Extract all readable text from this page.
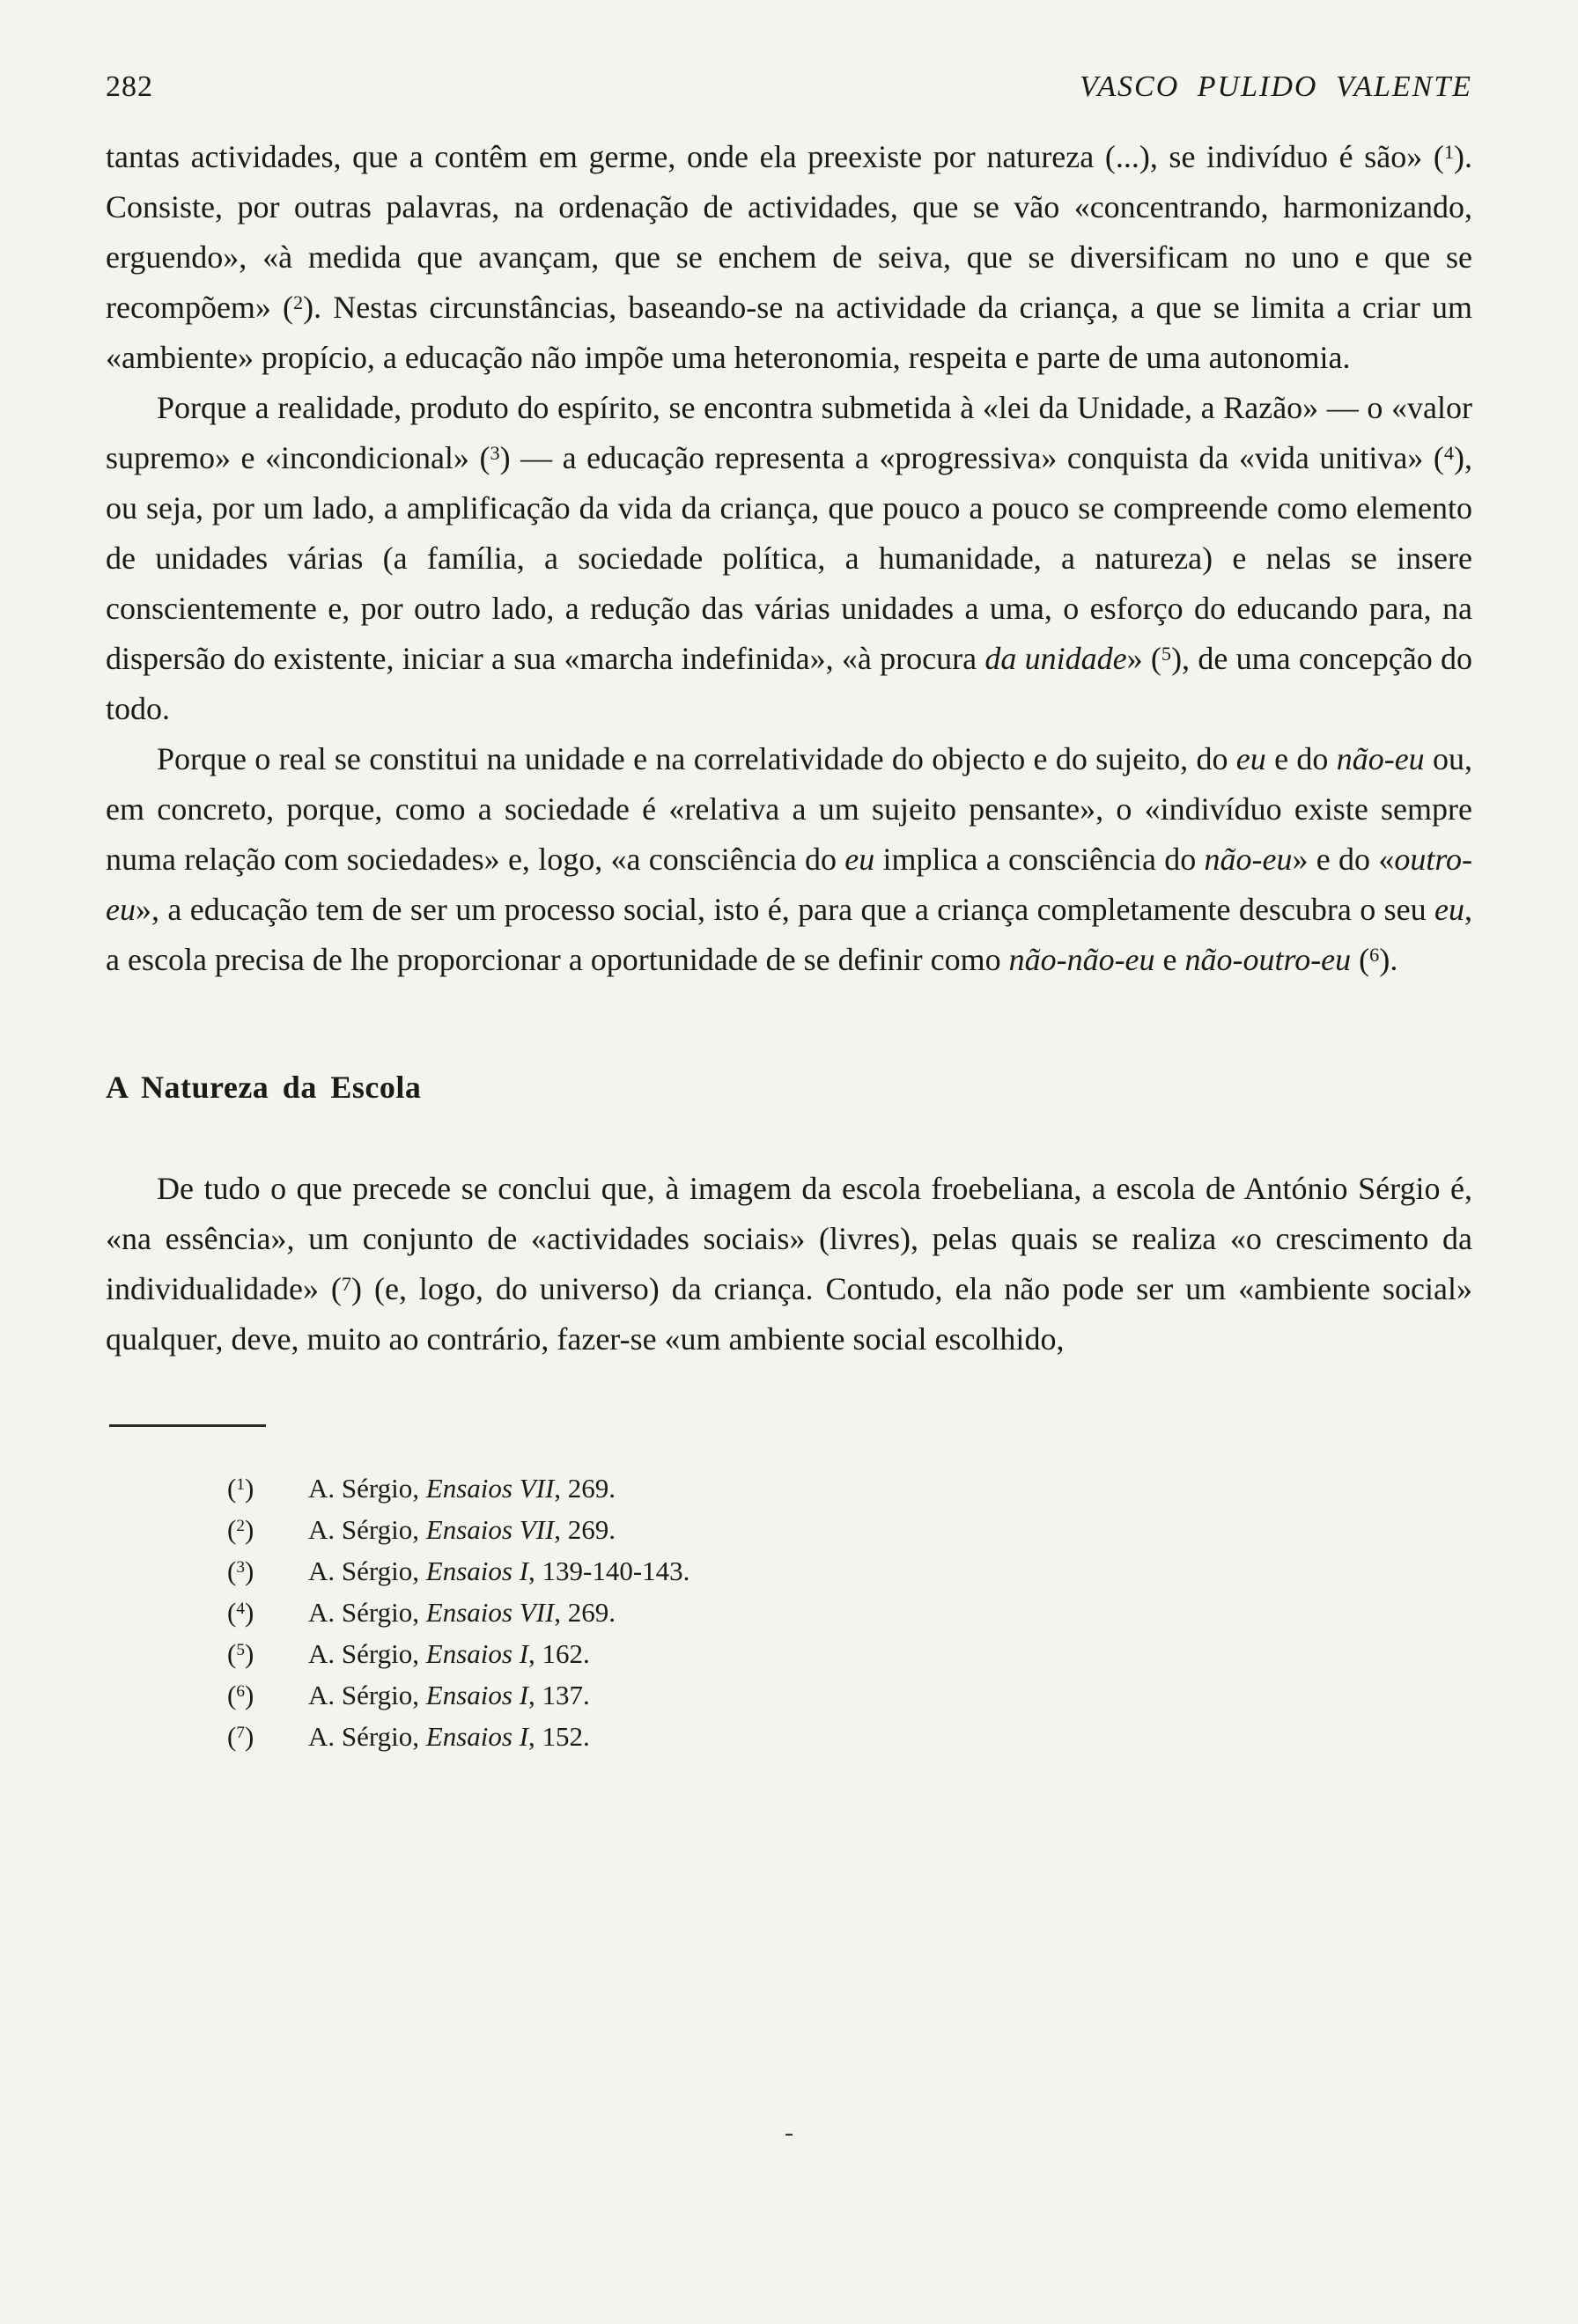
282	VASCO PULIDO VALENTE

tantas actividades, que a contêm em germe, onde ela preexiste por natureza (...), se indivíduo é são» ($^1$). Consiste, por outras palavras, na ordenação de actividades, que se vão «concentrando, harmonizando, erguendo», «à medida que avançam, que se enchem de seiva, que se diversificam no uno e que se recompõem» ($^2$). Nestas circunstâncias, baseando-se na actividade da criança, a que se limita a criar um «ambiente» propício, a educação não impõe uma heteronomia, respeita e parte de uma autonomia.

Porque a realidade, produto do espírito, se encontra submetida à «lei da Unidade, a Razão» — o «valor supremo» e «incondicional» ($^3$) — a educação representa a «progressiva» conquista da «vida unitiva» ($^4$), ou seja, por um lado, a amplificação da vida da criança, que pouco a pouco se compreende como elemento de unidades várias (a família, a sociedade política, a humanidade, a natureza) e nelas se insere conscientemente e, por outro lado, a redução das várias unidades a uma, o esforço do educando para, na dispersão do existente, iniciar a sua «marcha indefinida», «à procura da unidade» ($^5$), de uma concepção do todo.

Porque o real se constitui na unidade e na correlatividade do objecto e do sujeito, do eu e do não-eu ou, em concreto, porque, como a sociedade é «relativa a um sujeito pensante», o «indivíduo existe sempre numa relação com sociedades» e, logo, «a consciência do eu implica a consciência do não-eu» e do «outro-eu», a educação tem de ser um processo social, isto é, para que a criança completamente descubra o seu eu, a escola precisa de lhe proporcionar a oportunidade de se definir como não-não-eu e não-outro-eu ($^6$).

A Natureza da Escola

De tudo o que precede se conclui que, à imagem da escola froebeliana, a escola de António Sérgio é, «na essência», um conjunto de «actividades sociais» (livres), pelas quais se realiza «o crescimento da individualidade» ($^7$) (e, logo, do universo) da criança. Contudo, ela não pode ser um «ambiente social» qualquer, deve, muito ao contrário, fazer-se «um ambiente social escolhido,

($^1$)	A. Sérgio, Ensaios VII, 269.
($^2$)	A. Sérgio, Ensaios VII, 269.
($^3$)	A. Sérgio, Ensaios I, 139-140-143.
($^4$)	A. Sérgio, Ensaios VII, 269.
($^5$)	A. Sérgio, Ensaios I, 162.
($^6$)	A. Sérgio, Ensaios I, 137.
($^7$)	A. Sérgio, Ensaios I, 152.
-
